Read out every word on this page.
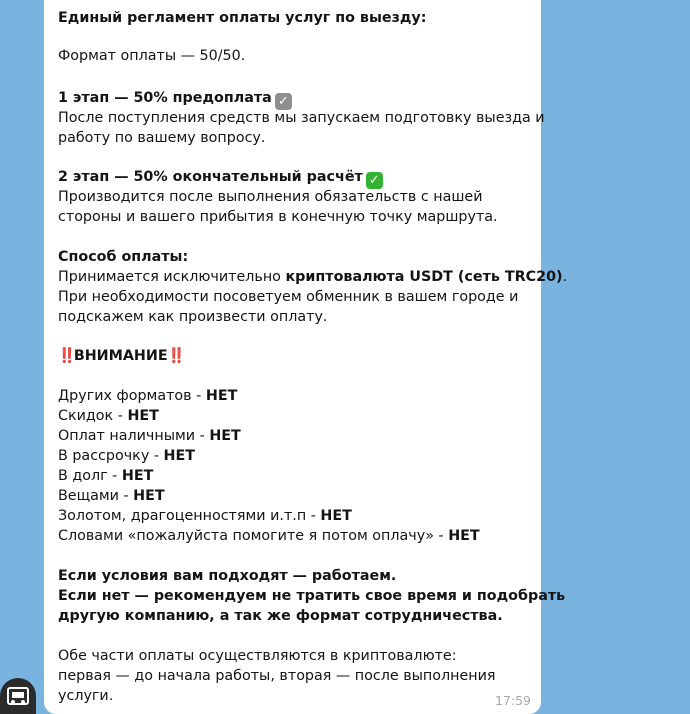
Единый регламент оплаты услуг по выезду:

Формат оплаты — 50/50.

1 этап — 50% предоплата ✓

После поступления средств мы запускаем подготовку выезда и

работу по вашему вопросу.

2 этап — 50% окончательный расчёт ✓

Производится после выполнения обязательств с нашей

стороны и вашего прибытия в конечную точку маршрута.

Способ оплаты:

Принимается исключительно криптовалюта USDT (сеть TRC20).

При необходимости посоветуем обменник в вашем городе и

подскажем как произвести оплату.

‼️ВНИМАНИЕ‼️

Других форматов - НЕТ

Скидок - НЕТ

Оплат наличными - НЕТ

В рассрочку - НЕТ

В долг - НЕТ

Вещами - НЕТ

Золотом, драгоценностями и.т.п - НЕТ

Словами «пожалуйста помогите я потом оплачу» - НЕТ

Если условия вам подходят — работаем.

Если нет — рекомендуем не тратить свое время и подобрать

другую компанию, а так же формат сотрудничества.

Обе части оплаты осуществляются в криптовалюте:

первая — до начала работы, вторая — после выполнения

услуги.	17:59
